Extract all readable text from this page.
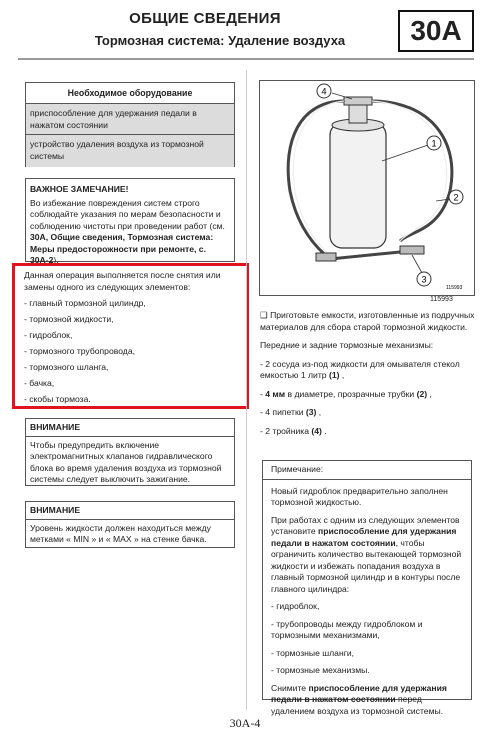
ОБЩИЕ СВЕДЕНИЯ
Тормозная система: Удаление воздуха	30A
Необходимое оборудование
приспособление для удержания педали в нажатом состоянии
устройство удаления воздуха из тормозной системы
ВАЖНОЕ ЗАМЕЧАНИЕ!
Во избежание повреждения систем строго соблюдайте указания по мерам безопасности и соблюдению чистоты при проведении работ (см. 30А, Общие сведения, Тормозная система: Меры предосторожности при ремонте, с. 30А-2).
Данная операция выполняется после снятия или замены одного из следующих элементов:
- главный тормозной цилиндр,
- тормозной жидкости,
- гидроблок,
- тормозного трубопровода,
- тормозного шланга,
- бачка,
- скобы тормоза.
ВНИМАНИЕ
Чтобы предупредить включение электромагнитных клапанов гидравлического блока во время удаления воздуха из тормозной системы следует выключить зажигание.
ВНИМАНИЕ
Уровень жидкости должен находиться между метками « MIN » и « MAX » на стенке бачка.
4
1
2
3
115993
115993

❑ Приготовьте емкости, изготовленные из подручных материалов для сбора старой тормозной жидкости.

Передние и задние тормозные механизмы:

- 2 сосуда из-под жидкости для омывателя стекол емкостью 1 литр (1) ,

- 4 мм в диаметре, прозрачные трубки (2) ,

- 4 пипетки (3) ,

- 2 тройника (4) .

Примечание:

Новый гидроблок предварительно заполнен тормозной жидкостью.

При работах с одним из следующих элементов установите приспособление для удержания педали в нажатом состоянии, чтобы ограничить количество вытекающей тормозной жидкости и избежать попадания воздуха в главный тормозной цилиндр и в контуры после главного цилиндра:

- гидроблок,

- трубопроводы между гидроблоком и тормозными механизмами,

- тормозные шланги,

- тормозные механизмы.

Снимите приспособление для удержания педали в нажатом состоянии перед удалением воздуха из тормозной системы.

30A-4
